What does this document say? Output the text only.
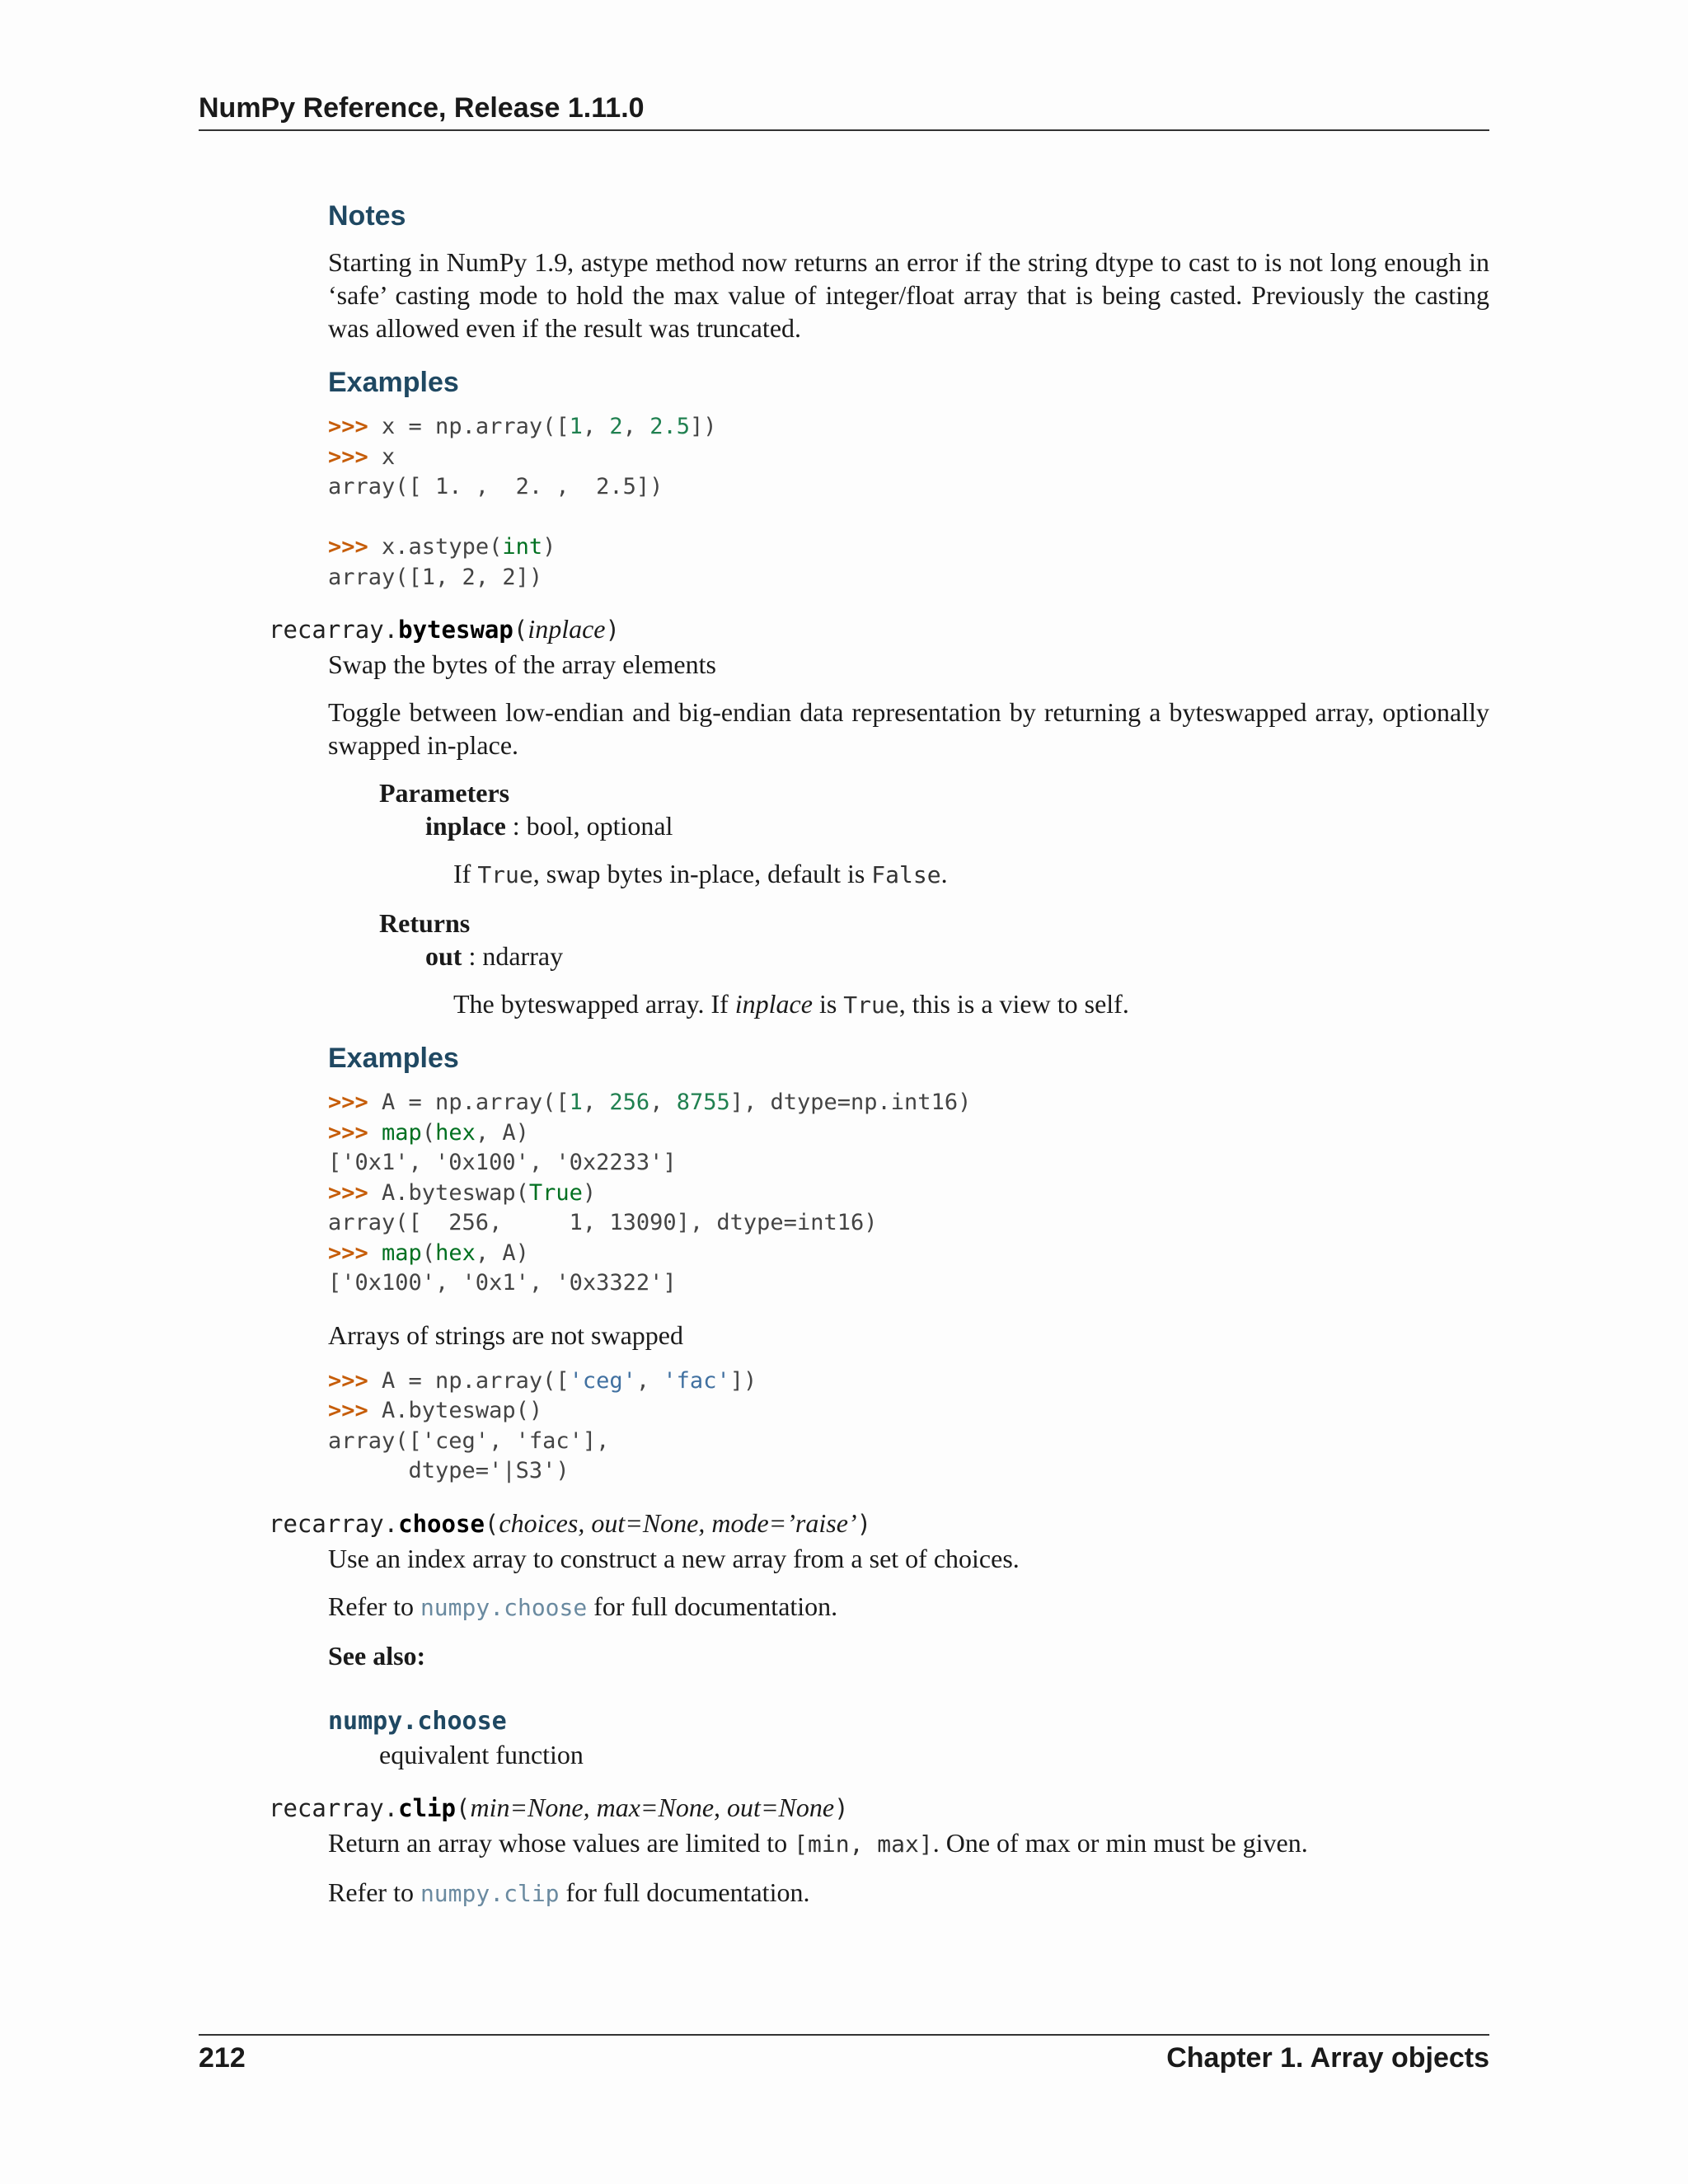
NumPy Reference, Release 1.11.0
Notes

Starting in NumPy 1.9, astype method now returns an error if the string dtype to cast to is not long enough in ‘safe’ casting mode to hold the max value of integer/float array that is being casted. Previously the casting was allowed even if the result was truncated.

Examples
>>> x = np.array([1, 2, 2.5])
>>> x
array([ 1. ,  2. ,  2.5])

>>> x.astype(int)
array([1, 2, 2])
recarray.byteswap(inplace)

Swap the bytes of the array elements

Toggle between low-endian and big-endian data representation by returning a byteswapped array, optionally swapped in-place.

Parameters

inplace : bool, optional

If True, swap bytes in-place, default is False.

Returns

out : ndarray

The byteswapped array. If inplace is True, this is a view to self.

Examples
>>> A = np.array([1, 256, 8755], dtype=np.int16)
>>> map(hex, A)
['0x1', '0x100', '0x2233']
>>> A.byteswap(True)
array([  256,     1, 13090], dtype=int16)
>>> map(hex, A)
['0x100', '0x1', '0x3322']

Arrays of strings are not swapped

>>> A = np.array(['ceg', 'fac'])
>>> A.byteswap()
array(['ceg', 'fac'],
dtype='|S3')
recarray.choose(choices, out=None, mode=’raise’)

Use an index array to construct a new array from a set of choices.

Refer to numpy.choose for full documentation.

See also:

numpy.choose

equivalent function

recarray.clip(min=None, max=None, out=None)

Return an array whose values are limited to [min, max]. One of max or min must be given.

Refer to numpy.clip for full documentation.

212	Chapter 1. Array objects
